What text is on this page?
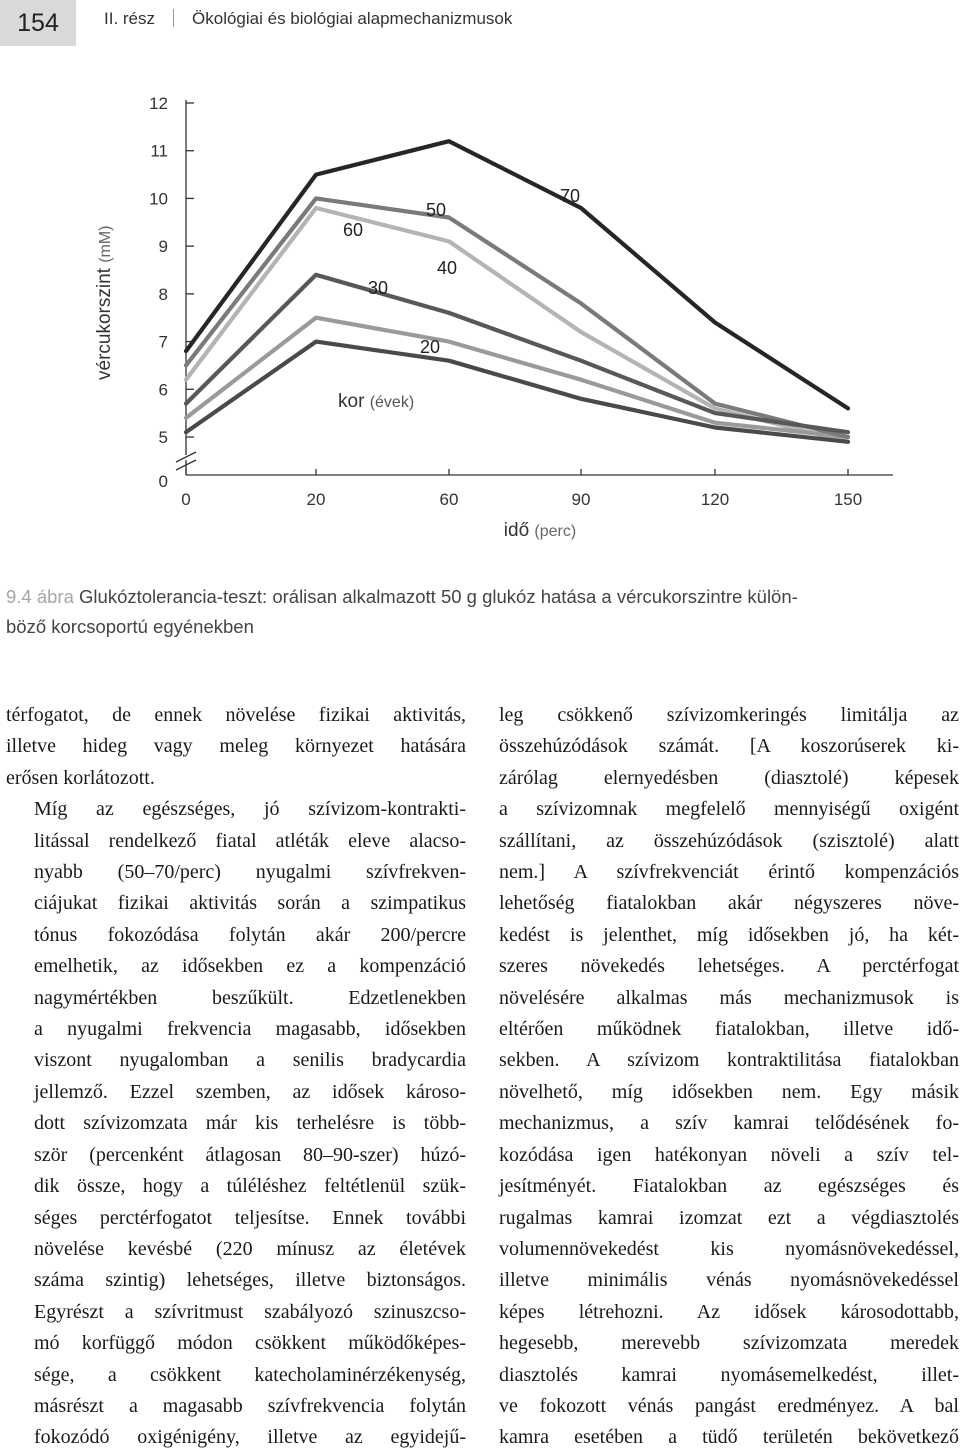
154	II. rész Ökológiai és biológiai alapmechanizmusok
vércukorszint (mM)
idő (perc)
kor (évek)
12
11
10
9
8
7
6
5
0
0	20	60	90	120	150
20
30
40
50
60
70
9.4 ábra Glukóztolerancia-teszt: orálisan alkalmazott 50 g glukóz hatása a vércukorszintre külön-
böző korcsoportú egyénekben

térfogatot, de ennek növelése fizikai aktivitás,
illetve hideg vagy meleg környezet hatására
erősen korlátozott.

Míg az egészséges, jó szívizom-kontrakti-
litással rendelkező fiatal atléták eleve alacso-
nyabb (50–70/perc) nyugalmi szívfrekven-
ciájukat fizikai aktivitás során a szimpatikus
tónus fokozódása folytán akár 200/percre
emelhetik, az idősekben ez a kompenzáció
nagymértékben beszűkült. Edzetlenekben
a nyugalmi frekvencia magasabb, idősekben
viszont nyugalomban a senilis bradycardia
jellemző. Ezzel szemben, az idősek károso-
dott szívizomzata már kis terhelésre is több-
ször (percenként átlagosan 80–90-szer) húzó-
dik össze, hogy a túléléshez feltétlenül szük-
séges perctérfogatot teljesítse. Ennek további
növelése kevésbé (220 mínusz az életévek
száma szintig) lehetséges, illetve biztonságos.
Egyrészt a szívritmust szabályozó szinuszcso-
mó korfüggő módon csökkent működőképes-
sége, a csökkent katecholaminérzékenység,
másrészt a magasabb szívfrekvencia folytán
fokozódó oxigénigény, illetve az egyidejű-

leg csökkenő szívizomkeringés limitálja az
összehúzódások számát. [A koszorúserek ki-
zárólag elernyedésben (diasztolé) képesek
a szívizomnak megfelelő mennyiségű oxigént
szállítani, az összehúzódások (szisztolé) alatt
nem.] A szívfrekvenciát érintő kompenzációs
lehetőség fiatalokban akár négyszeres növe-
kedést is jelenthet, míg idősekben jó, ha két-
szeres növekedés lehetséges. A perctérfogat
növelésére alkalmas más mechanizmusok is
eltérően működnek fiatalokban, illetve idő-
sekben. A szívizom kontraktilitása fiatalokban
növelhető, míg idősekben nem. Egy másik
mechanizmus, a szív kamrai telődésének fo-
kozódása igen hatékonyan növeli a szív tel-
jesítményét. Fiatalokban az egészséges és
rugalmas kamrai izomzat ezt a végdiasztolés
volumennövekedést kis nyomásnövekedéssel,
illetve minimális vénás nyomásnövekedéssel
képes létrehozni. Az idősek károsodottabb,
hegesebb, merevebb szívizomzata meredek
diasztolés kamrai nyomásemelkedést, illet-
ve fokozott vénás pangást eredményez. A bal
kamra esetében a tüdő területén bekövetkező
